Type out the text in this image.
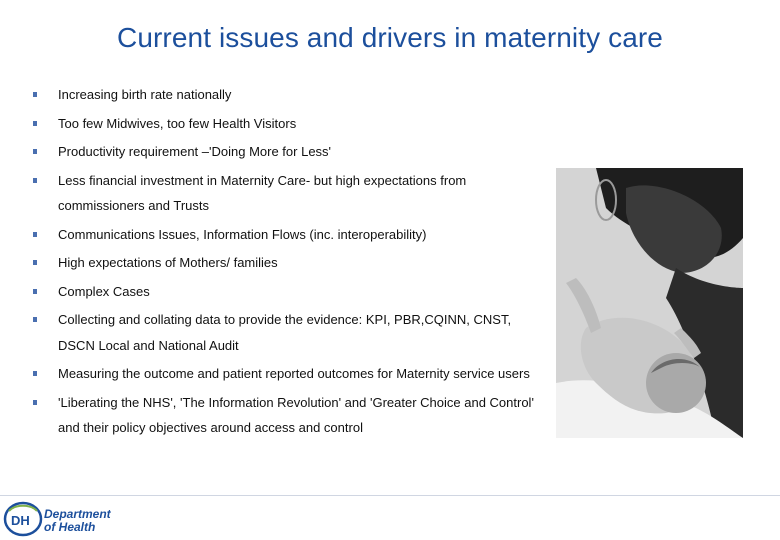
Current issues and drivers in maternity care
Increasing birth rate nationally
Too few Midwives, too few Health Visitors
Productivity requirement –'Doing More for Less'
Less financial investment in Maternity Care- but high expectations from commissioners and Trusts
Communications Issues, Information Flows (inc. interoperability)
High expectations of Mothers/ families
Complex Cases
Collecting and collating data to provide the evidence: KPI, PBR,CQINN, CNST, DSCN Local and National Audit
Measuring the outcome and patient reported outcomes for Maternity service users
'Liberating the NHS', 'The Information Revolution' and 'Greater Choice and Control' and their policy objectives around access and control
DH Department
of Health
